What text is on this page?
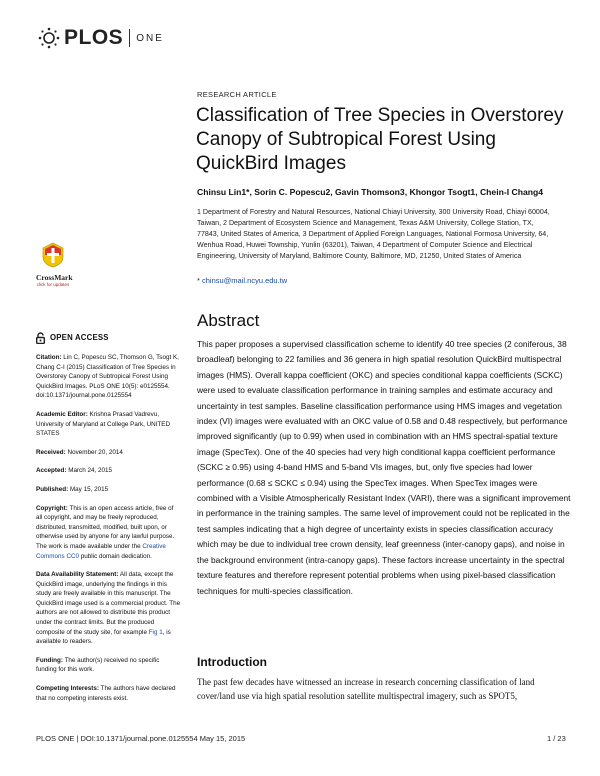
PLOS ONE
RESEARCH ARTICLE
Classification of Tree Species in Overstorey Canopy of Subtropical Forest Using QuickBird Images
Chinsu Lin1*, Sorin C. Popescu2, Gavin Thomson3, Khongor Tsogt1, Chein-I Chang4
1 Department of Forestry and Natural Resources, National Chiayi University, 300 University Road, Chiayi 60004, Taiwan, 2 Department of Ecosystem Science and Management, Texas A&M University, College Station, TX, 77843, United States of America, 3 Department of Applied Foreign Languages, National Formosa University, 64, Wenhua Road, Huwei Township, Yunlin (63201), Taiwan, 4 Department of Computer Science and Electrical Engineering, University of Maryland, Baltimore County, Baltimore, MD, 21250, United States of America
* chinsu@mail.ncyu.edu.tw
CrossMark
click for updates
OPEN ACCESS
Citation: Lin C, Popescu SC, Thomson G, Tsogt K, Chang C-I (2015) Classification of Tree Species in Overstorey Canopy of Subtropical Forest Using QuickBird Images. PLoS ONE 10(5): e0125554. doi:10.1371/journal.pone.0125554
Academic Editor: Krishna Prasad Vadrevu, University of Maryland at College Park, UNITED STATES
Received: November 20, 2014
Accepted: March 24, 2015
Published: May 15, 2015
Copyright: This is an open access article, free of all copyright, and may be freely reproduced, distributed, transmitted, modified, built upon, or otherwise used by anyone for any lawful purpose. The work is made available under the Creative Commons CC0 public domain dedication.
Data Availability Statement: All data, except the QuickBird image, underlying the findings in this study are freely available in this manuscript. The QuickBird image used is a commercial product. The authors are not allowed to distribute this product under the contract limits. But the produced composite of the study site, for example Fig 1, is available to readers.
Funding: The author(s) received no specific funding for this work.
Competing Interests: The authors have declared that no competing interests exist.
Abstract
This paper proposes a supervised classification scheme to identify 40 tree species (2 coniferous, 38 broadleaf) belonging to 22 families and 36 genera in high spatial resolution QuickBird multispectral images (HMS). Overall kappa coefficient (OKC) and species conditional kappa coefficients (SCKC) were used to evaluate classification performance in training samples and estimate accuracy and uncertainty in test samples. Baseline classification performance using HMS images and vegetation index (VI) images were evaluated with an OKC value of 0.58 and 0.48 respectively, but performance improved significantly (up to 0.99) when used in combination with an HMS spectral-spatial texture image (SpecTex). One of the 40 species had very high conditional kappa coefficient performance (SCKC ≥ 0.95) using 4-band HMS and 5-band VIs images, but, only five species had lower performance (0.68 ≤ SCKC ≤ 0.94) using the SpecTex images. When SpecTex images were combined with a Visible Atmospherically Resistant Index (VARI), there was a significant improvement in performance in the training samples. The same level of improvement could not be replicated in the test samples indicating that a high degree of uncertainty exists in species classification accuracy which may be due to individual tree crown density, leaf greenness (inter-canopy gaps), and noise in the background environment (intra-canopy gaps). These factors increase uncertainty in the spectral texture features and therefore represent potential problems when using pixel-based classification techniques for multi-species classification.
Introduction
The past few decades have witnessed an increase in research concerning classification of land cover/land use via high spatial resolution satellite multispectral imagery, such as SPOT5,
PLOS ONE | DOI:10.1371/journal.pone.0125554 May 15, 2015	1 / 23
